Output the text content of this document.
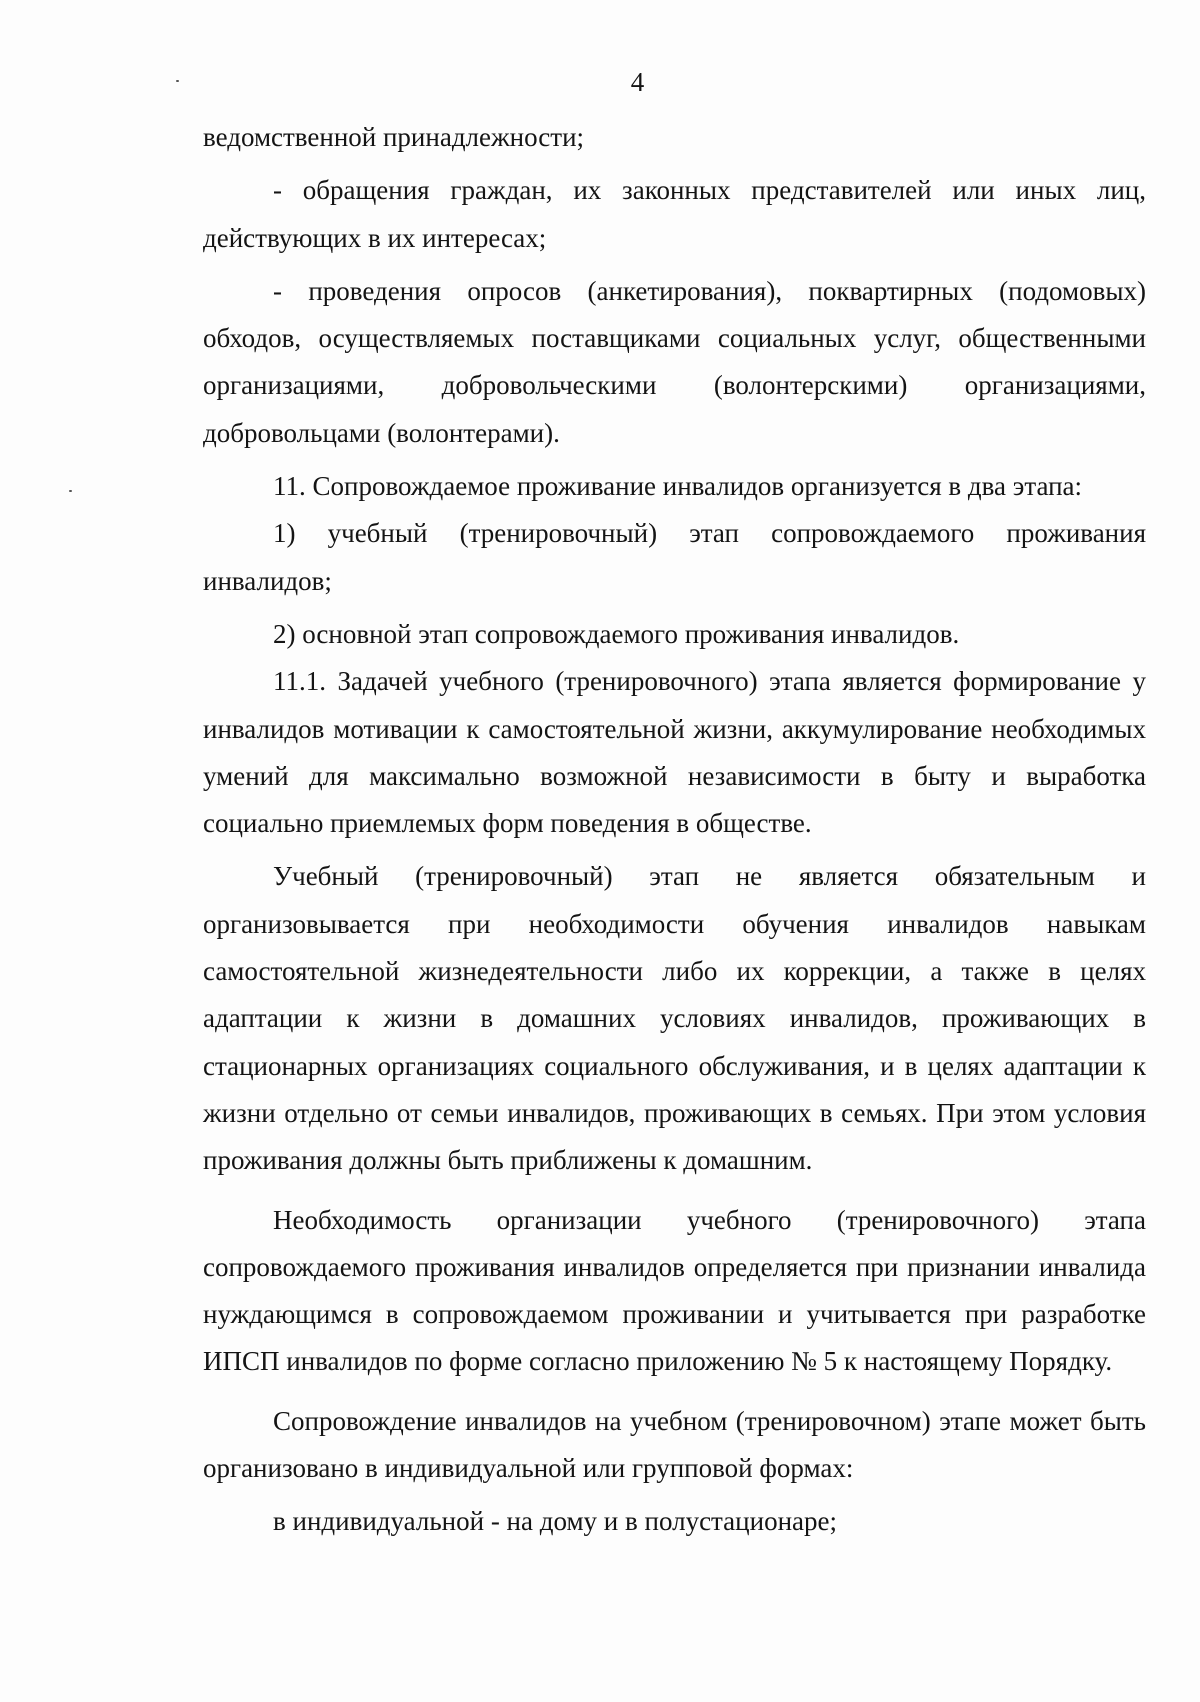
4

ведомственной принадлежности;

- обращения граждан, их законных представителей или иных лиц, действующих в их интересах;

- проведения опросов (анкетирования), поквартирных (подомовых) обходов, осуществляемых поставщиками социальных услуг, общественными организациями, добровольческими (волонтерскими) организациями, добровольцами (волонтерами).

11. Сопровождаемое проживание инвалидов организуется в два этапа:

1) учебный (тренировочный) этап сопровождаемого проживания инвалидов;

2) основной этап сопровождаемого проживания инвалидов.

11.1. Задачей учебного (тренировочного) этапа является формирование у инвалидов мотивации к самостоятельной жизни, аккумулирование необходимых умений для максимально возможной независимости в быту и выработка социально приемлемых форм поведения в обществе.

Учебный (тренировочный) этап не является обязательным и организовывается при необходимости обучения инвалидов навыкам самостоятельной жизнедеятельности либо их коррекции, а также в целях адаптации к жизни в домашних условиях инвалидов, проживающих в стационарных организациях социального обслуживания, и в целях адаптации к жизни отдельно от семьи инвалидов, проживающих в семьях. При этом условия проживания должны быть приближены к домашним.

Необходимость организации учебного (тренировочного) этапа сопровождаемого проживания инвалидов определяется при признании инвалида нуждающимся в сопровождаемом проживании и учитывается при разработке ИПСП инвалидов по форме согласно приложению № 5 к настоящему Порядку.

Сопровождение инвалидов на учебном (тренировочном) этапе может быть организовано в индивидуальной или групповой формах:

в индивидуальной - на дому и в полустационаре;
